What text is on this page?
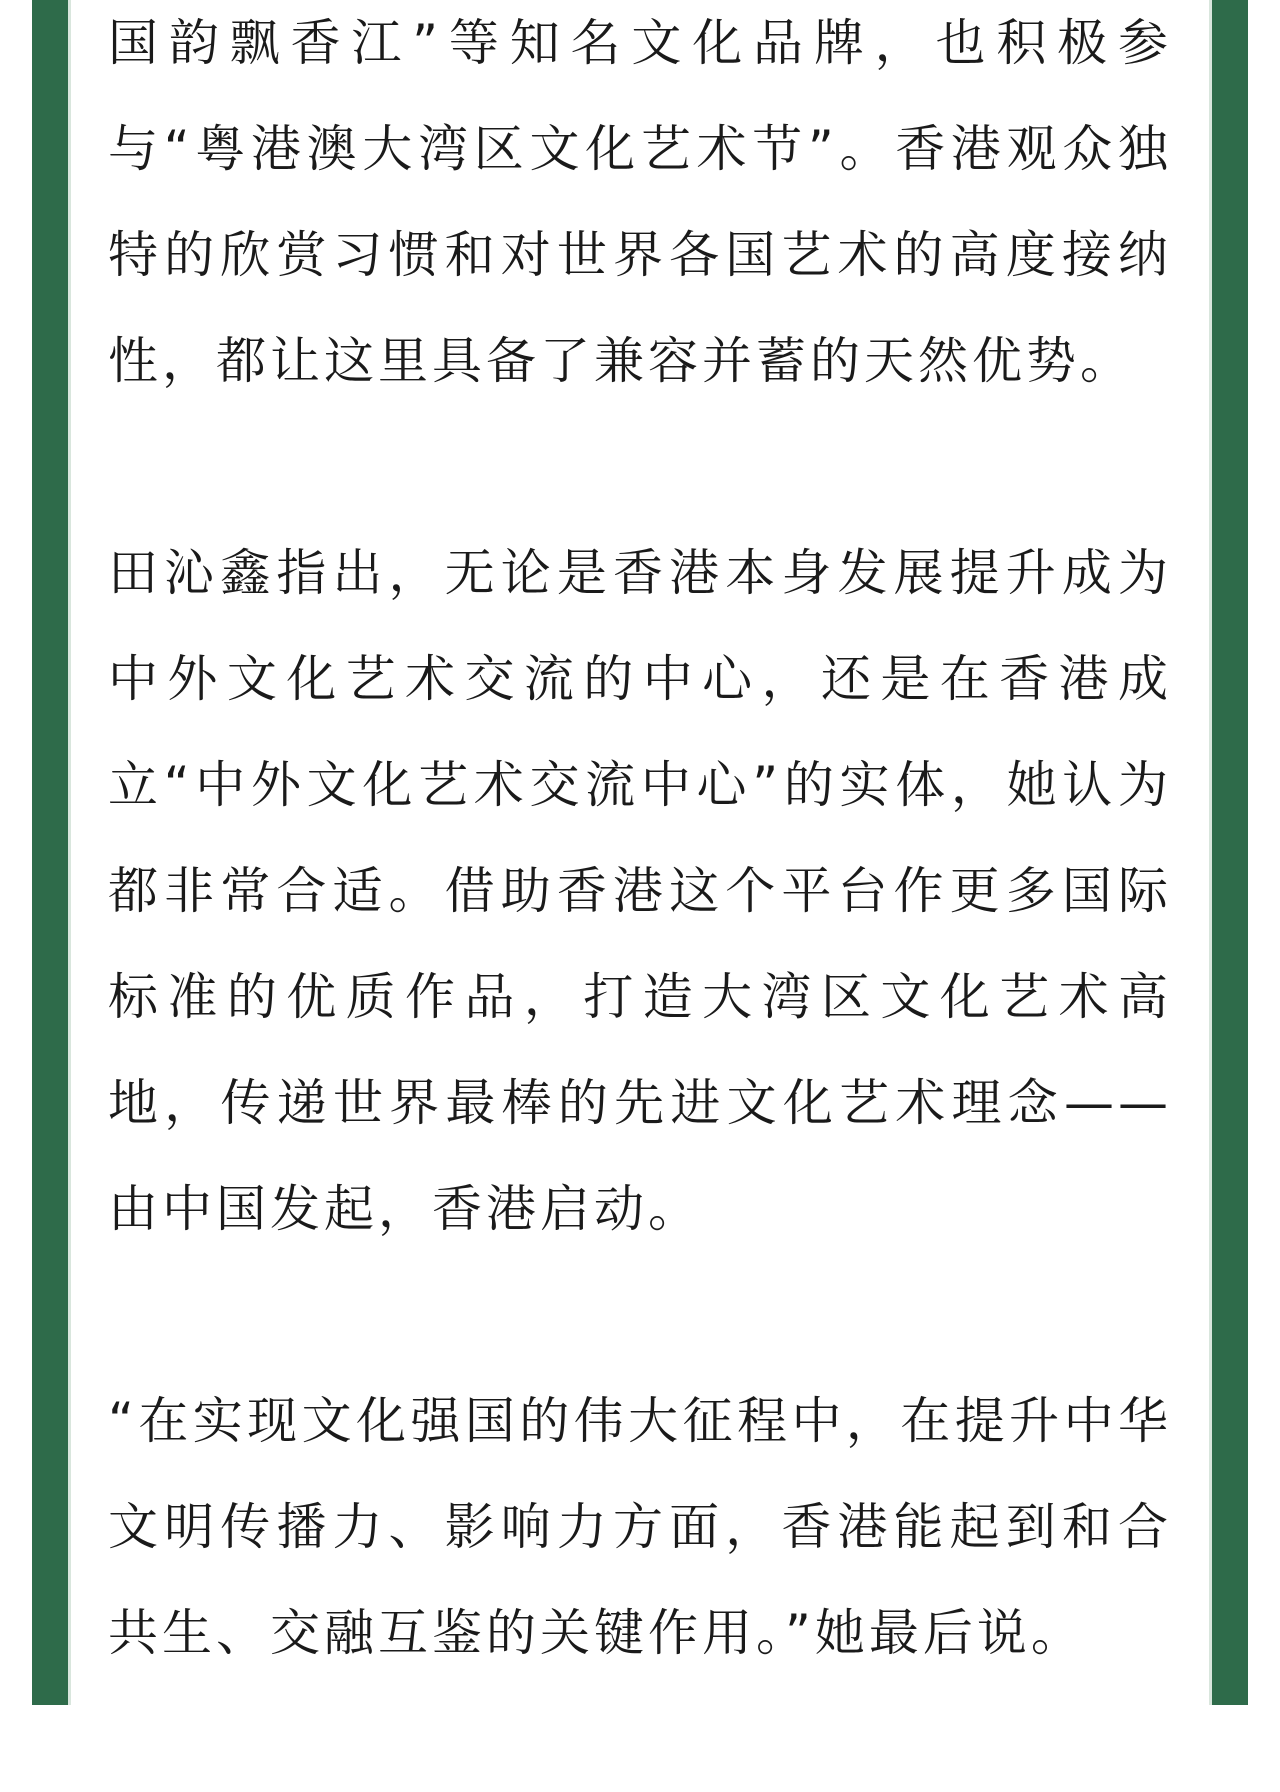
国韵飘香江”等知名文化品牌，也积极参与“粤港澳大湾区文化艺术节”。香港观众独特的欣赏习惯和对世界各国艺术的高度接纳性，都让这里具备了兼容并蓄的天然优势。

田沁鑫指出，无论是香港本身发展提升成为中外文化艺术交流的中心，还是在香港成立“中外文化艺术交流中心”的实体，她认为都非常合适。借助香港这个平台作更多国际标准的优质作品，打造大湾区文化艺术高地，传递世界最棒的先进文化艺术理念——由中国发起，香港启动。

“在实现文化强国的伟大征程中，在提升中华文明传播力、影响力方面，香港能起到和合共生、交融互鉴的关键作用。”她最后说。
